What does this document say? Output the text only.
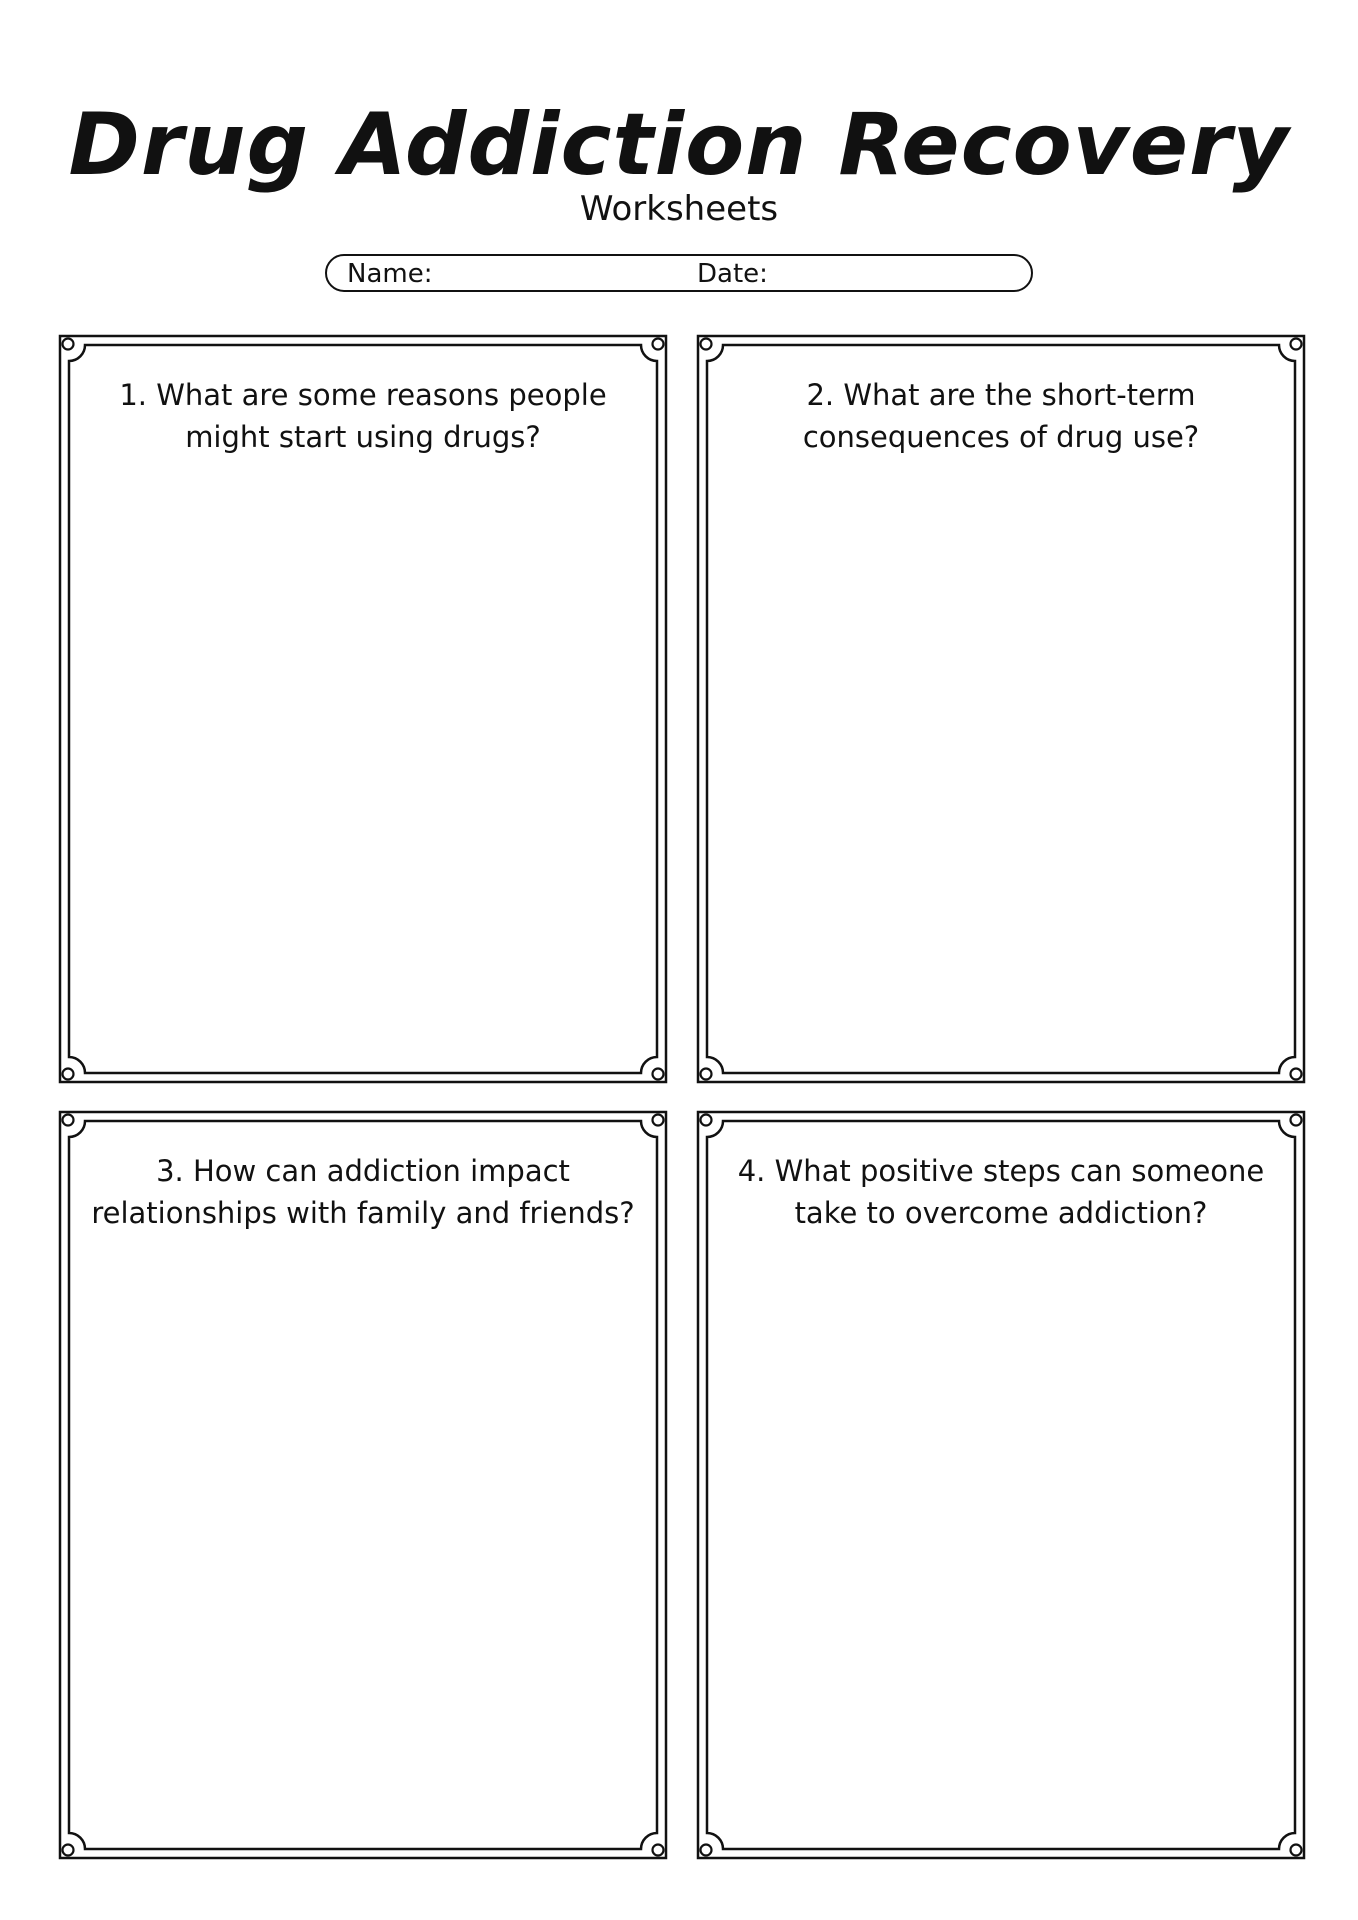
Drug Addiction Recovery
Worksheets
Name:	Date:

1. What are some reasons people might start using drugs?

2. What are the short-term consequences of drug use?

3. How can addiction impact relationships with family and friends?

4. What positive steps can someone take to overcome addiction?
